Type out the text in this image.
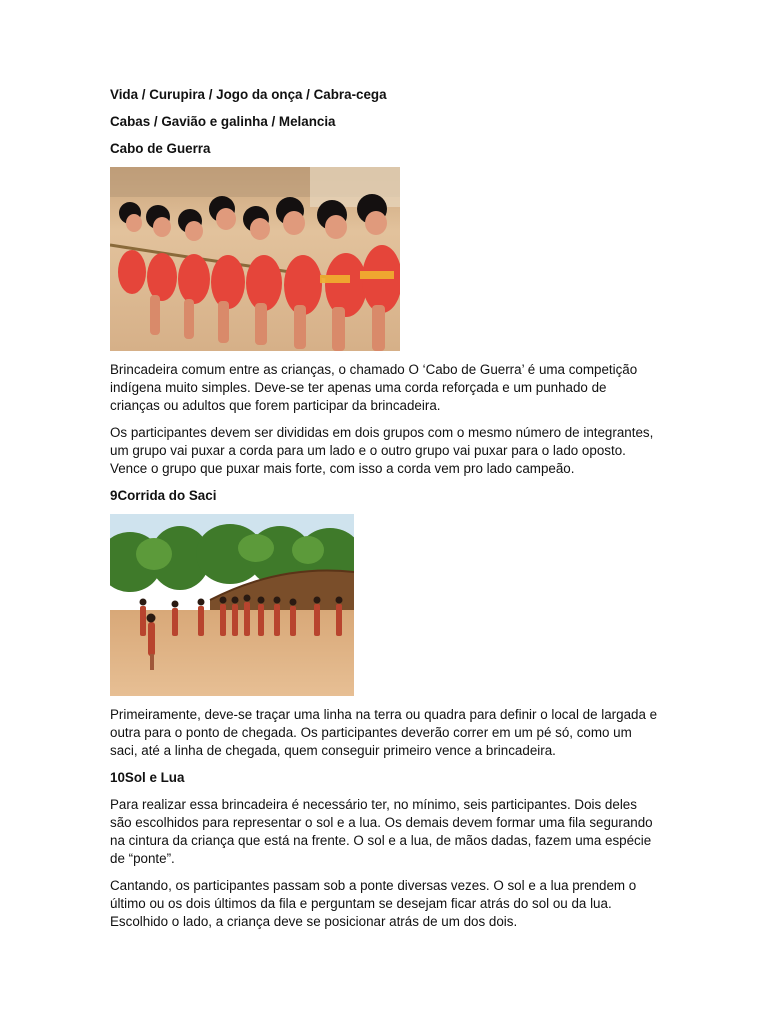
Vida / Curupira / Jogo da onça / Cabra-cega
Cabas / Gavião e galinha / Melancia
Cabo de Guerra

Brincadeira comum entre as crianças, o chamado O ‘Cabo de Guerra’ é uma competição indígena muito simples. Deve-se ter apenas uma corda reforçada e um punhado de crianças ou adultos que forem participar da brincadeira.

Os participantes devem ser divididas em dois grupos com o mesmo número de integrantes, um grupo vai puxar a corda para um lado e o outro grupo vai puxar para o lado oposto. Vence o grupo que puxar mais forte, com isso a corda vem pro lado campeão.

9Corrida do Saci

Primeiramente, deve-se traçar uma linha na terra ou quadra para definir o local de largada e outra para o ponto de chegada. Os participantes deverão correr em um pé só, como um saci, até a linha de chegada, quem conseguir primeiro vence a brincadeira.

10Sol e Lua

Para realizar essa brincadeira é necessário ter, no mínimo, seis participantes. Dois deles são escolhidos para representar o sol e a lua. Os demais devem formar uma fila segurando na cintura da criança que está na frente. O sol e a lua, de mãos dadas, fazem uma espécie de “ponte”.

Cantando, os participantes passam sob a ponte diversas vezes. O sol e a lua prendem o último ou os dois últimos da fila e perguntam se desejam ficar atrás do sol ou da lua. Escolhido o lado, a criança deve se posicionar atrás de um dos dois.
